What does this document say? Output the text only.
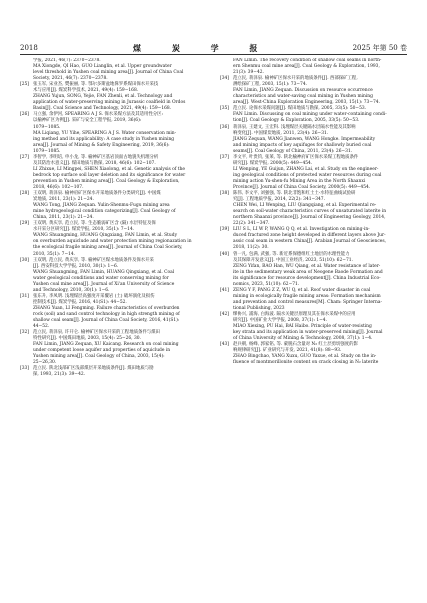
2018	煤 炭 学 报	2025 年第 50 卷

学报, 2021, 46(7): 2370−2378.
MA Xiongde, QI Hao, GUO Lianglin, et al. Upper groundwater
level threshold in Yushen coal mining area[J]. Journal of China Coal
Society, 2021, 46(7): 2370−2378.

[25] 张玉军, 宋业杰, 樊振丽, 等. 鄂尔多斯盆地侏罗系煤田保水开采技
术与应用[J]. 煤炭科学技术, 2021, 49(4): 159−168.
ZHANG Yujun, SONG, Yejie, FAN Zhenli, et al. Technology and
application of water-preserving mining in Jurassic coalfield in Ordos
Basin[J]. Coal Science and Technology, 2021, 49(4): 159−168.

[26] 马立强, 余伊河, SPEARING A J S. 保水采煤方法及其适用性分区:
以榆神矿区为例[J]. 采矿与安全工程学报, 2019, 36(6):
1079−1085.
MA Liqiang, YU Yihe, SPEARING A J S. Water conservation min-
ing method and its applicability: A case study in Yushen mining
area[J]. Journal of Mining & Safety Engineering, 2019, 36(6):
1079−1085.

[27] 李智学, 李明培, 申小龙, 等. 榆神矿区基岩顶面古地貌失机理分析
及其防治水意义[J]. 煤田地质与勘探, 2018, 46(6): 102−107.
LI Zhixue, LI Mingpei, SHEN Xiaolong, et al. Genetic analysis of the
bedrock top surface soil layer deletion and its significance for water
prevention in Yushen mining area[J]. Coal Geology & Exploration,
2018, 46(6): 102−107.

[28] 王双明, 蒋泽泉. 榆神府矿区保水开采地质条件分类研究[J]. 中国煤
炭地质, 2011, 23(1): 21−24.
WANG Tong, JIANG Zequan. Yulin-Shenmu-Fugu mining area
mine hydrogeological condition categorizing[J]. Coal Geology of
China, 2011, 23(1): 21−24.

[29] 王双明, 黄庆享, 范立民, 等. 生态脆弱矿区含 (隔) 水层特征及保
水开采分区研究[J]. 煤炭学报, 2010, 35(1): 7−14.
WANG Shuangming, HUANG Qingxiang, FAN Limin, et al. Study
on overburden aquiclude and water protection mining regionazation in
the ecological fragile mining area[J]. Journal of China Coal Society,
2010, 35(1): 7−14.

[30] 王双明, 范立民, 黄庆享, 等. 榆神矿区煤水地质条件及保水开采
[J]. 西安科技大学学报, 2010, 30(1): 1−6.
WANG Shuangming, FAN Limin, HUANG Qingxiang, et al. Coal
water geological conditions and water conserving mining for
Yushen coal mine area[J]. Journal of Xi'an University of Science
and Technology, 2010, 30(1): 1−6.

[31] 张东升, 李凤明. 浅埋煤层高强度开采覆岩 (土) 破坏演化及损伤
控制技术[J]. 煤炭学报, 2016, 41(S1): 44−52.
ZHANG Yuan, LI Fengming. Failure characteristics of overburden
rock (soil) and sand control technology in high strength mining of
shallow coal seam[J]. Journal of China Coal Society, 2016, 41(S1):
44−52.

[32] 范立民, 蒋泽泉, 许开仑. 榆神矿区保水开采的工程地质条件与煤田
特性研究[J]. 中国煤田地质, 2003, 15(4): 25−26, 30.
FAN Limin, JIANG Zequan, XU Kaicang. Research on coal mining
under competent loose aquifer and properties of aquiclude in
Yushen mining area[J]. Coal Geology of China, 2003, 15(4):
25−26,30.

[33] 范立民. 陕北浅部矿区浅部煤层开采地质条件[J]. 煤田地质与勘
探, 1993, 21(3): 39−42.

FAN Limin. The recovery condition of shallow coal seams in north-
ern Shenmu coal mine area[J]. Coal Geology & Exploration, 1993,
21(3): 39−42.

[34] 范立民, 蒋泽泉. 榆神矿区保水开采的地质条件[J]. 西部探矿工程,
测绘探矿工程, 2003, 15(1): 73−74.
FAN Limin, JIANG Zequan. Discussion on resource occurrence
characteristics and water-saving coal mining in Yushen mining
area[J]. West-China Exploration Engineering, 2003, 15(1): 73−74.

[35] 范立民. 论保水采煤问题[J]. 煤田地质与勘探, 2005, 33(5): 50−53.
FAN Limin. Discussing on coal mining under water-containing condi-
tion[J]. Coal Geology & Exploration, 2005, 33(5): 50−53.

[36] 蒋泽泉, 王建文, 王宏科. 浅埋煤层关键隔水层隔水性能及其影响
响变化[J]. 中国煤炭地质, 2011, 23(4): 26−31.
JIANG Zequan, WANG Jianwen, WANG Hongke. Impermeability
and mining impacts of key aquifuges for shallowly buried coal
seams[J]. Coal Geology of China, 2011, 23(4): 26−31.

[37] 李文平, 叶贵钧, 张莱, 等. 陕北榆神府矿区保水采煤工程地质条件
研究[J]. 煤炭学报, 2000(5): 449−454.
LI Wenping, YE Guijun, ZHANG Lai, et al. Study on the engineer-
ing geological conditions of protected water resources during coal
mining action Yu-shen-fu Mining Area in the North Shaanxi
Province[J]. Journal of China Coal Society, 2000(5): 449−454.

[38] 陈伟, 李文平, 刘强强, 等. 陕北非饱和红土土-水特征曲线试验研
究[J]. 工程地质学报, 2014, 22(2): 341−347.
CHEN Wei, LI Wenping, LIU Qiangqiang, et al. Experimental re-
search on soil-water characteristics curves of unsaturated laterite in
northern Shaanxi province[J]. Journal of Engineering Geology, 2014,
22(2): 341−347.

[39] LIU S L, LI W P, WANG Q Q, et al. Investigation on mining-in-
duced fractured zone height developed in different layers above Jur-
assic coal seam in western China[J]. Arabian Journal of Geosciences,
2018, 11(2): 30.

[40] 曾一凡, 包满, 武强, 等. 新近系保德组红土地层的水理性能力
及其保障开发意义[J]. 中国工业经济, 2023, 51(10): 62−71.
ZENG Yifan, BAO Han, WU Qiang, et al. Water resistance of later-
ite in the sedimentary weak area of Neogene Baode Formation and
its significance for resource development[J]. China Industrial Eco-
nomics, 2023, 51(10): 62−71.

[41] ZENG Y F, PANG Z Z, WU Q, et al. Roof water disaster in coal
mining in ecologically fragile mining areas: Formation mechanism
and prevention and control measures[M]. Cham: Springer Interna-
tional Publishing, 2023

[42] 缪协兴, 浦海, 白海波. 隔水关键层原理及其在保水采煤中的应用
研究[J]. 中国矿业大学学报, 2008, 37(1): 1−4.
MIAO Xiexing, PU Hai, BAI Haibo. Principle of water-resisting
key strata and its application in water-preserved mining[J]. Journal
of China University of Mining & Technology, 2008, 37(1): 1−4.

[43] 赵兵朝, 杨峰, 郭家铭, 等. 蒙脱石含量对 N₂ 红土层剪切强度的影
响规律研究[J]. 矿业研究与开发, 2021, 41(8): 88−93.
ZHAO Bingchao, YANG Xuxu, GUO Yaxue, et al. Study on the in-
fluence of montmorillonite content on crack closing in N₂ laterite
